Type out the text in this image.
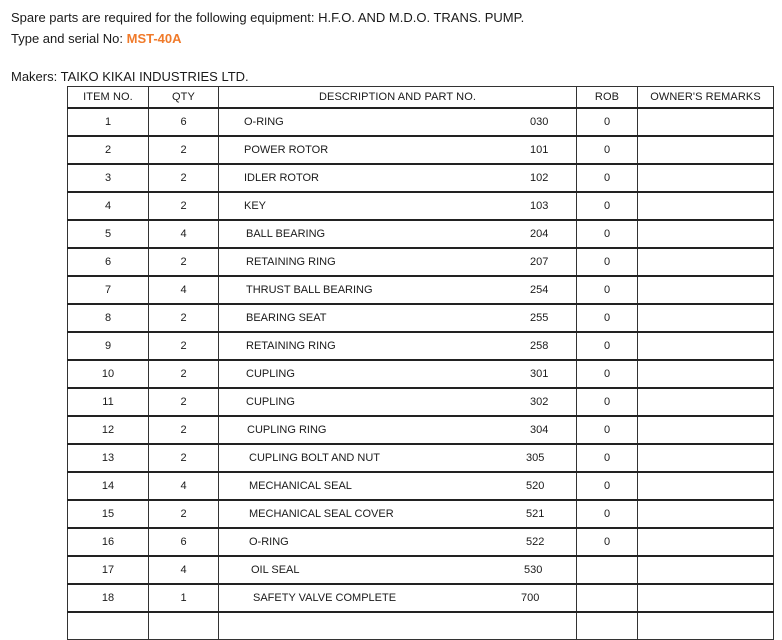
Spare parts are required for the following equipment: H.F.O. AND M.D.O. TRANS. PUMP.
Type and serial No: MST-40A
Makers: TAIKO KIKAI INDUSTRIES LTD.
ITEM NO.	QTY	DESCRIPTION AND PART NO.	ROB	OWNER'S REMARKS
1	6	O-RING 030	0	
2	2	POWER ROTOR 101	0	
3	2	IDLER ROTOR 102	0	
4	2	KEY 103	0	
5	4	BALL BEARING 204	0	
6	2	RETAINING RING 207	0	
7	4	THRUST BALL BEARING 254	0	
8	2	BEARING SEAT 255	0	
9	2	RETAINING RING 258	0	
10	2	CUPLING 301	0	
11	2	CUPLING 302	0	
12	2	CUPLING RING 304	0	
13	2	CUPLING BOLT AND NUT 305	0	
14	4	MECHANICAL SEAL 520	0	
15	2	MECHANICAL SEAL COVER 521	0	
16	6	O-RING 522	0	
17	4	OIL SEAL 530		

18	1	SAFETY VALVE COMPLETE 700		
